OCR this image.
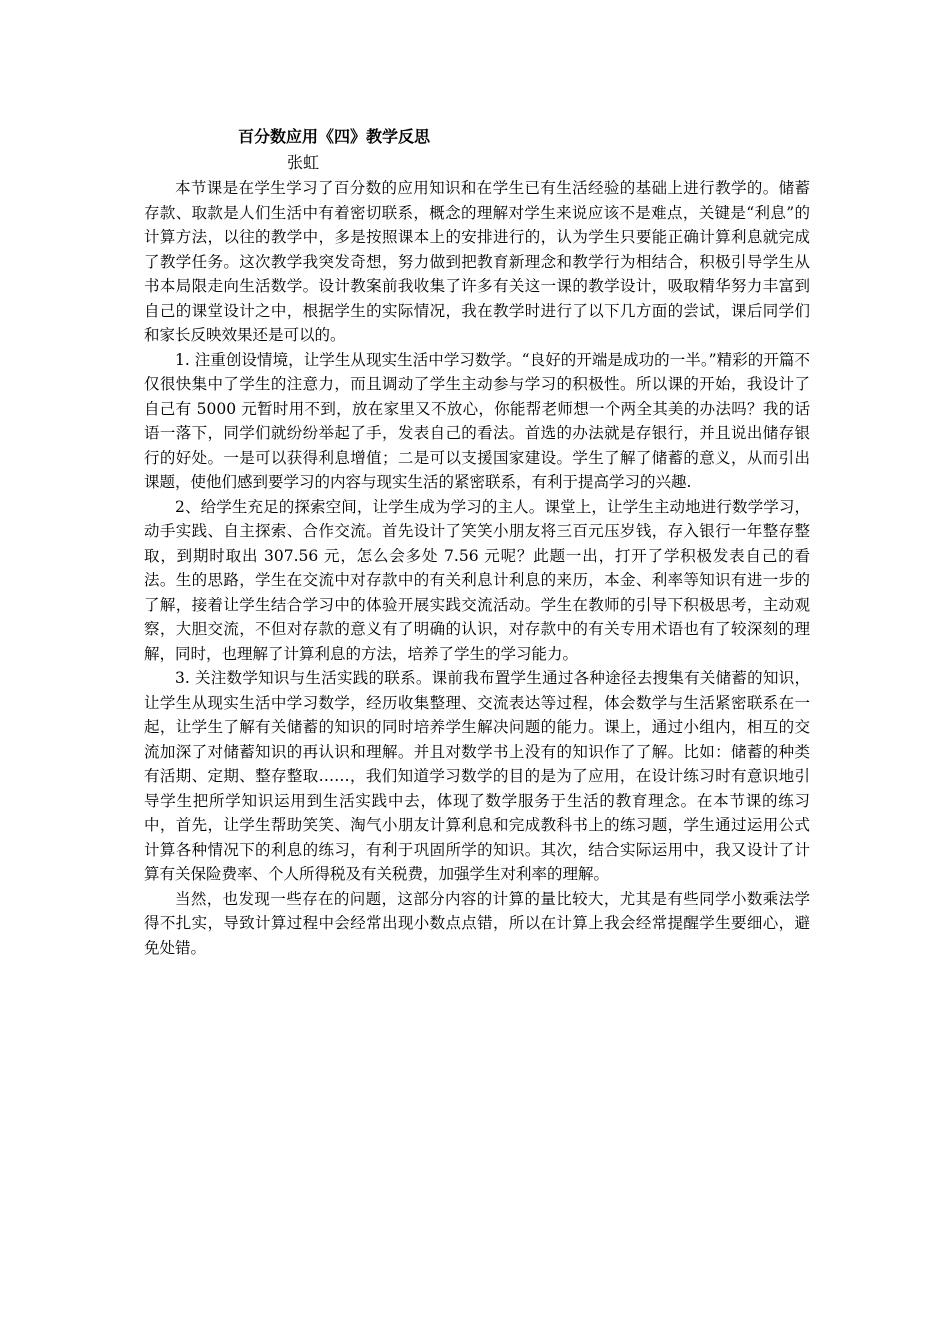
百分数应用《四》教学反思
张虹

本节课是在学生学习了百分数的应用知识和在学生已有生活经验的基础上进行教学的。储蓄存款、取款是人们生活中有着密切联系，概念的理解对学生来说应该不是难点，关键是“利息”的计算方法，以往的教学中，多是按照课本上的安排进行的，认为学生只要能正确计算利息就完成了教学任务。这次教学我突发奇想，努力做到把教育新理念和教学行为相结合，积极引导学生从书本局限走向生活数学。设计教案前我收集了许多有关这一课的教学设计，吸取精华努力丰富到自己的课堂设计之中，根据学生的实际情况，我在教学时进行了以下几方面的尝试，课后同学们和家长反映效果还是可以的。

1. 注重创设情境，让学生从现实生活中学习数学。“良好的开端是成功的一半。”精彩的开篇不仅很快集中了学生的注意力，而且调动了学生主动参与学习的积极性。所以课的开始，我设计了自己有 5000 元暂时用不到，放在家里又不放心，你能帮老师想一个两全其美的办法吗？我的话语一落下，同学们就纷纷举起了手，发表自己的看法。首选的办法就是存银行，并且说出储存银行的好处。一是可以获得利息增值；二是可以支援国家建设。学生了解了储蓄的意义，从而引出课题，使他们感到要学习的内容与现实生活的紧密联系，有利于提高学习的兴趣.

2、给学生充足的探索空间，让学生成为学习的主人。课堂上，让学生主动地进行数学学习，动手实践、自主探索、合作交流。首先设计了笑笑小朋友将三百元压岁钱，存入银行一年整存整取，到期时取出 307.56 元，怎么会多处 7.56 元呢？此题一出，打开了学积极发表自己的看法。生的思路，学生在交流中对存款中的有关利息计利息的来历，本金、利率等知识有进一步的了解，接着让学生结合学习中的体验开展实践交流活动。学生在教师的引导下积极思考，主动观察，大胆交流，不但对存款的意义有了明确的认识，对存款中的有关专用术语也有了较深刻的理解，同时，也理解了计算利息的方法，培养了学生的学习能力。

3. 关注数学知识与生活实践的联系。课前我布置学生通过各种途径去搜集有关储蓄的知识，让学生从现实生活中学习数学，经历收集整理、交流表达等过程，体会数学与生活紧密联系在一起，让学生了解有关储蓄的知识的同时培养学生解决问题的能力。课上，通过小组内，相互的交流加深了对储蓄知识的再认识和理解。并且对数学书上没有的知识作了了解。比如：储蓄的种类有活期、定期、整存整取……，我们知道学习数学的目的是为了应用，在设计练习时有意识地引导学生把所学知识运用到生活实践中去，体现了数学服务于生活的教育理念。在本节课的练习中，首先，让学生帮助笑笑、淘气小朋友计算利息和完成教科书上的练习题，学生通过运用公式计算各种情况下的利息的练习，有利于巩固所学的知识。其次，结合实际运用中，我又设计了计算有关保险费率、个人所得税及有关税费，加强学生对利率的理解。

当然，也发现一些存在的问题，这部分内容的计算的量比较大，尤其是有些同学小数乘法学得不扎实，导致计算过程中会经常出现小数点点错，所以在计算上我会经常提醒学生要细心，避免处错。
